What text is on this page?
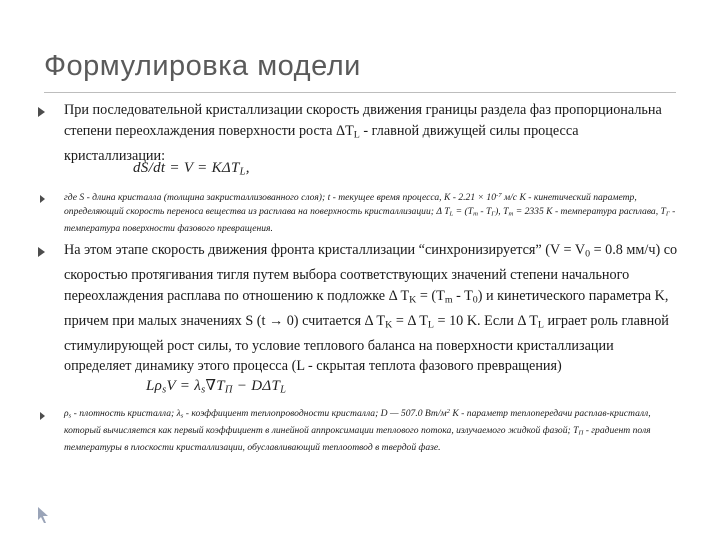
Формулировка модели
При последовательной кристаллизации скорость движения границы раздела фаз пропорциональна степени переохлаждения поверхности роста $\Delta T_L$ - главной движущей силы процесса кристаллизации:
$dS/dt = V = K\Delta T_L$,
где S - длина кристалла (толщина закристаллизованного слоя); t - текущее время процесса, $K - 2.21 \times 10^{-7}$ м/с K - кинетический параметр, определяющий скорость переноса вещества из расплава на поверхность кристаллизации; Δ $T_L = (T_m - T_\Gamma)$, $T_m = 2335$ K - температура расплава, $T_\Gamma$ - температура поверхности фазового превращения.
На этом этапе скорость движения фронта кристаллизации “синхронизируется” ($V = V_0 = 0.8$ мм/ч) со скоростью протягивания тигля путем выбора соответствующих значений степени начального переохлаждения расплава по отношению к подложке Δ $T_K = (T_m - T_0)$ и кинетического параметра K, причем при малых значениях S (t → 0) считается Δ $T_K = \Delta$ $T_L = 10$ K. Если Δ $T_L$ играет роль главной стимулирующей рост силы, то условие теплового баланса на поверхности кристаллизации определяет динамику этого процесса (L - скрытая теплота фазового превращения)
$L\rho_sV = \lambda_s\nabla T_\Pi - D\Delta T_L$
$\rho_s$ - плотность кристалла; $\lambda_s$ - коэффициент теплопроводности кристалла; D — 507.0 $Вт/м^2$ K - параметр теплопередачи расплав-кристалл, который вычисляется как первый коэффициент в линейной аппроксимации теплового потока, излучаемого жидкой фазой; $T_\Pi$ - градиент поля температуры в плоскости кристаллизации, обуславливающий теплоотвод в твердой фазе.
